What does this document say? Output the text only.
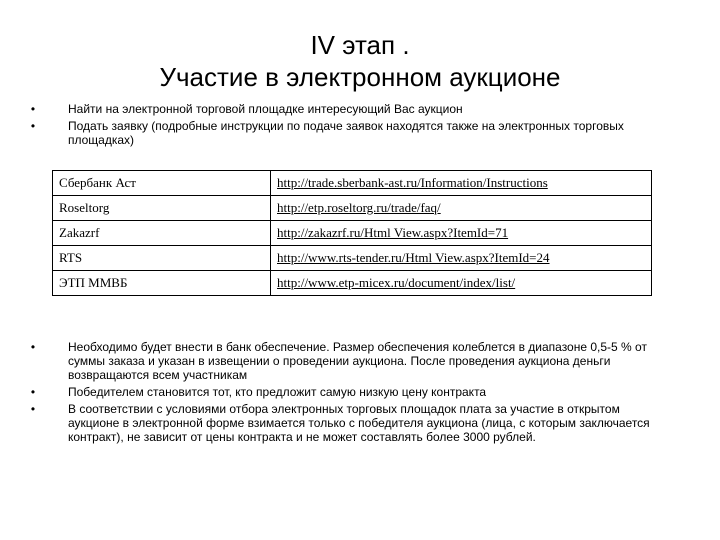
IV этап .
Участие в электронном аукционе
•	Найти на электронной торговой площадке интересующий Вас аукцион
•	Подать заявку (подробные инструкции по подаче заявок находятся также на электронных торговых площадках)
Сбербанк Аст	http://trade.sberbank-ast.ru/Information/Instructions
Roseltorg	http://etp.roseltorg.ru/trade/faq/
Zakazrf	http://zakazrf.ru/Html View.aspx?ItemId=71
RTS	http://www.rts-tender.ru/Html View.aspx?ItemId=24
ЭТП ММВБ	http://www.etp-micex.ru/document/index/list/
•	Необходимо будет внести в банк обеспечение. Размер обеспечения колеблется в диапазоне 0,5-5 % от суммы заказа и указан в извещении о проведении аукциона. После проведения аукциона деньги возвращаются всем участникам
•	Победителем становится тот, кто предложит самую низкую цену контракта
•	В соответствии с условиями отбора электронных торговых площадок плата за участие в открытом аукционе в электронной форме взимается только с победителя аукциона (лица, с которым заключается контракт), не зависит от цены контракта и не может составлять более 3000 рублей.
